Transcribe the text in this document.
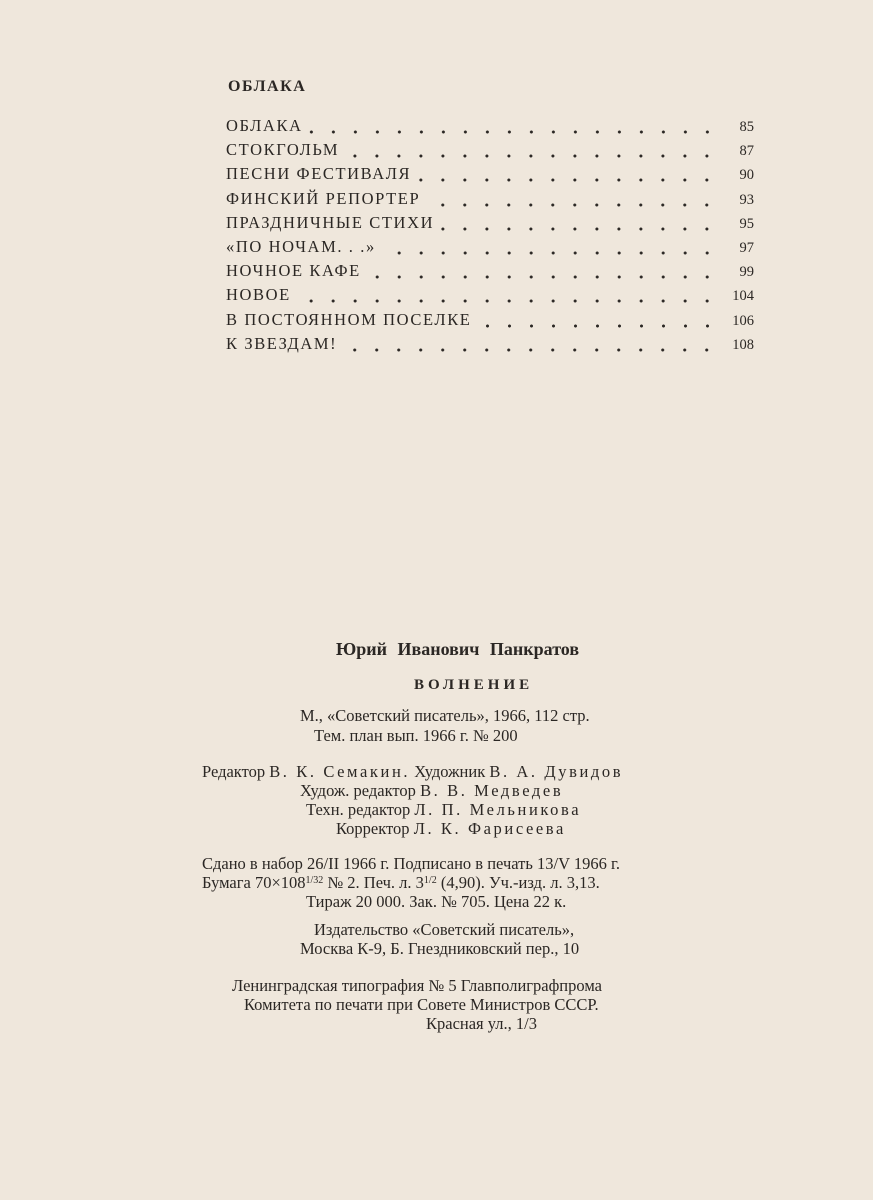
ОБЛАКА
ОБЛАКА	85
СТОКГОЛЬМ	87
ПЕСНИ ФЕСТИВАЛЯ	90
ФИНСКИЙ РЕПОРТЕР	93
ПРАЗДНИЧНЫЕ СТИХИ	95
«ПО НОЧАМ. . .»	97
НОЧНОЕ КАФЕ	99
НОВОЕ	104
В ПОСТОЯННОМ ПОСЕЛКЕ	106
К ЗВЕЗДАМ!	108
Юрий Иванович Панкратов
ВОЛНЕНИЕ
М., «Советский писатель», 1966, 112 стр.
Тем. план вып. 1966 г. № 200
Редактор В. К. Семакин. Художник В. А. Дувидов
Худож. редактор В. В. Медведев
Техн. редактор Л. П. Мельникова
Корректор Л. К. Фарисеева
Сдано в набор 26/II 1966 г. Подписано в печать 13/V 1966 г.
Бумага $70\times 108^{1/32}$ № 2. Печ. л. $3^{1/2}$ (4,90). Уч.-изд. л. 3,13.
Тираж 20 000. Зак. № 705. Цена 22 к.
Издательство «Советский писатель»,
Москва К-9, Б. Гнездниковский пер., 10
Ленинградская типография № 5 Главполиграфпрома
Комитета по печати при Совете Министров СССР.
Красная ул., 1/3
